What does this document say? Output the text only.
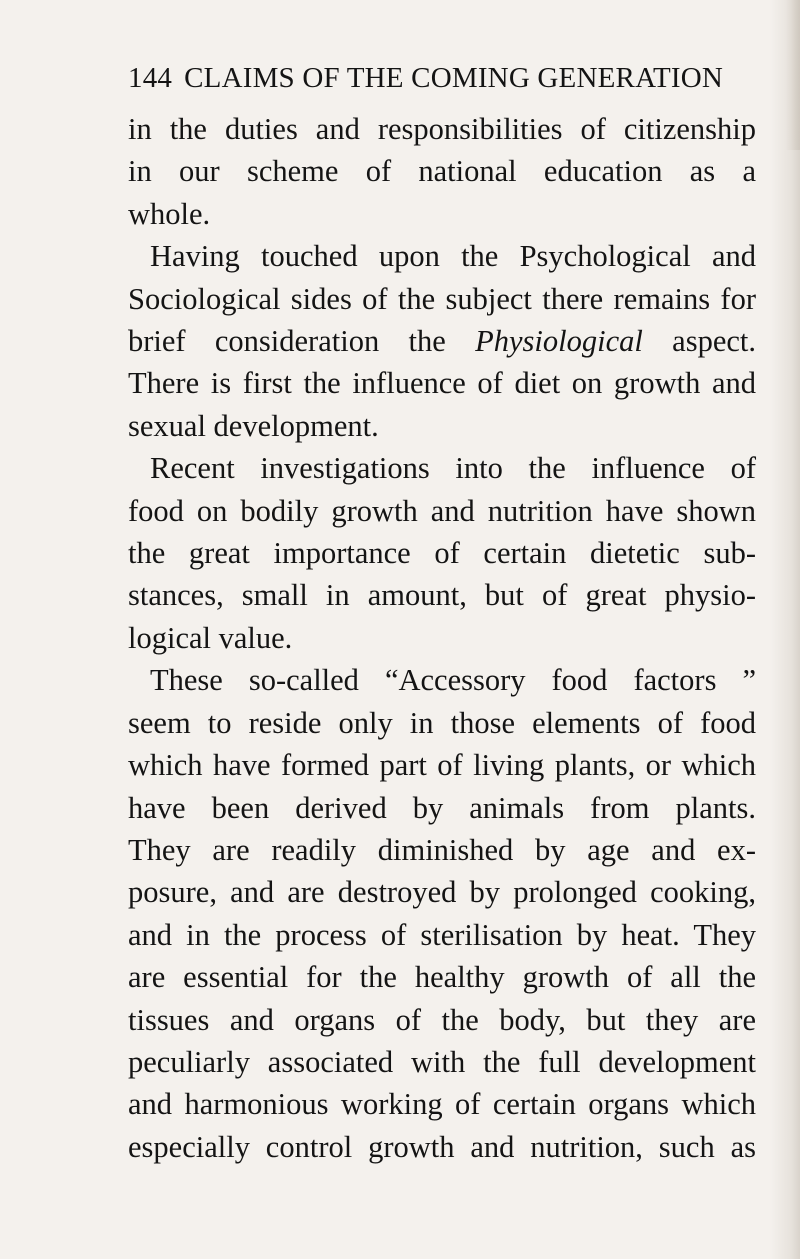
144 CLAIMS OF THE COMING GENERATION

in the duties and responsibilities of citizenship
in our scheme of national education as a
whole.

Having touched upon the Psychological and
Sociological sides of the subject there remains for
brief consideration the Physiological aspect.
There is first the influence of diet on growth and
sexual development.

Recent investigations into the influence of
food on bodily growth and nutrition have shown
the great importance of certain dietetic sub-
stances, small in amount, but of great physio-
logical value.

These so-called “Accessory food factors ”
seem to reside only in those elements of food
which have formed part of living plants, or which
have been derived by animals from plants.
They are readily diminished by age and ex-
posure, and are destroyed by prolonged cooking,
and in the process of sterilisation by heat. They
are essential for the healthy growth of all the
tissues and organs of the body, but they are
peculiarly associated with the full development
and harmonious working of certain organs which
especially control growth and nutrition, such as
